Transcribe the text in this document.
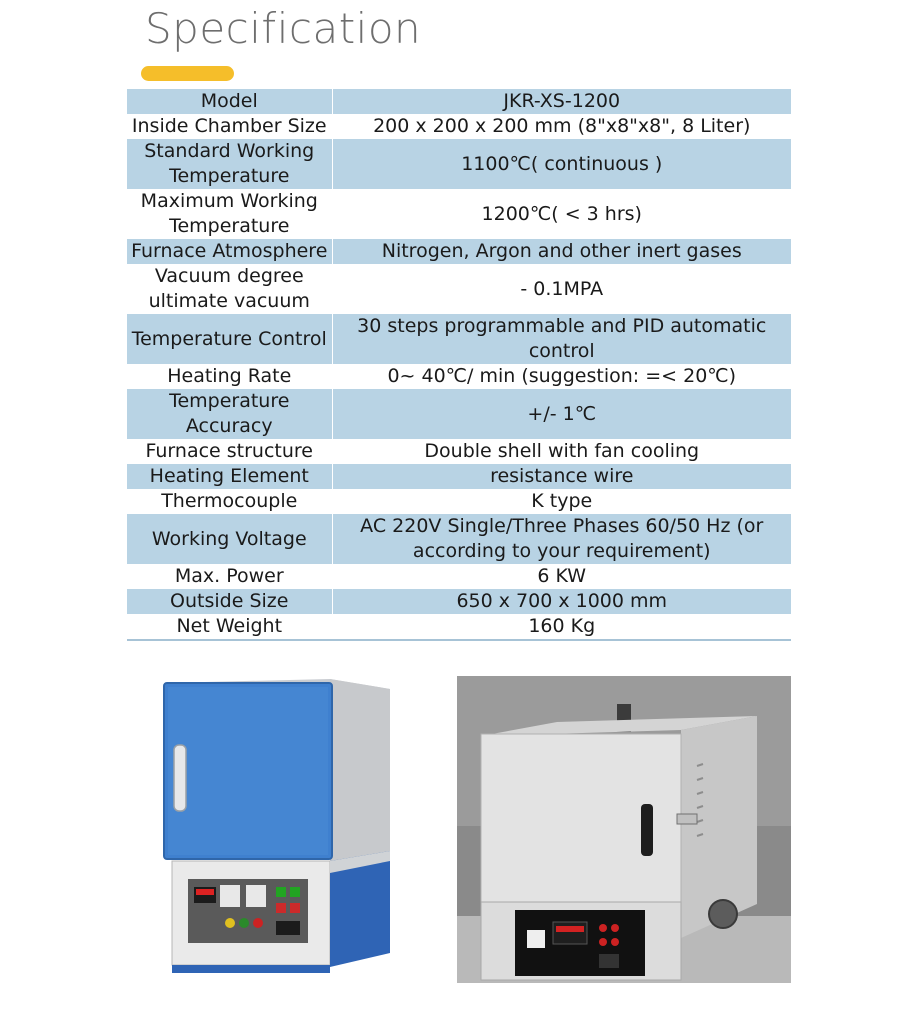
Specification
Model	JKR-XS-1200
Inside Chamber Size	200 x 200 x 200 mm (8"x8"x8", 8 Liter)
Standard Working Temperature	1100℃( continuous )
Maximum Working Temperature	1200℃( < 3 hrs)
Furnace Atmosphere	Nitrogen, Argon and other inert gases
Vacuum degree ultimate vacuum	- 0.1MPA
Temperature Control	30 steps programmable and PID automatic control
Heating Rate	0~ 40℃/ min (suggestion: =< 20℃)
Temperature Accuracy	+/- 1℃
Furnace structure	Double shell with fan cooling
Heating Element	resistance wire
Thermocouple	K type
Working Voltage	AC 220V Single/Three Phases 60/50 Hz (or according to your requirement)
Max. Power	6 KW
Outside Size	650 x 700 x 1000 mm
Net Weight	160 Kg
